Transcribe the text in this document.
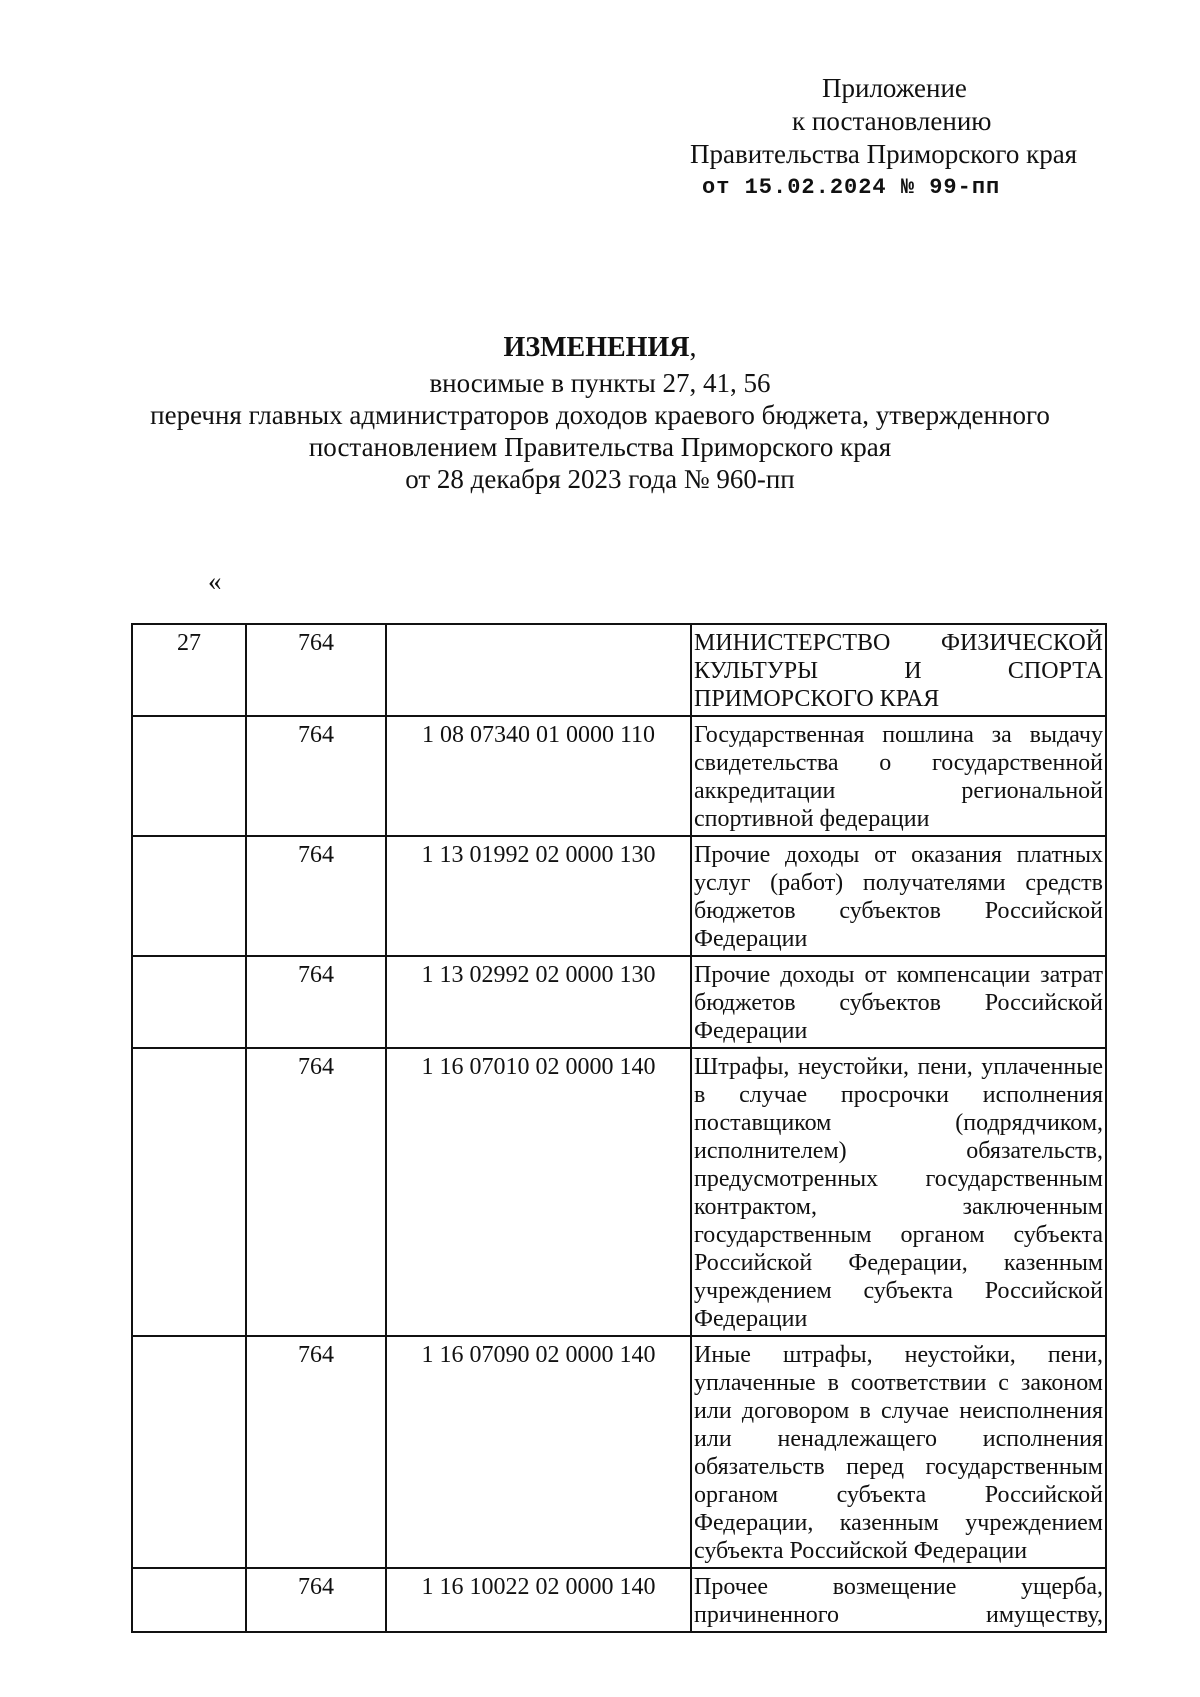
Приложение
к постановлению
Правительства Приморского края
от 15.02.2024 № 99-пп
ИЗМЕНЕНИЯ,
вносимые в пункты 27, 41, 56
перечня главных администраторов доходов краевого бюджета, утвержденного
постановлением Правительства Приморского края
от 28 декабря 2023 года № 960-пп
«
27	764		МИНИСТЕРСТВО ФИЗИЧЕСКОЙ КУЛЬТУРЫ И СПОРТА ПРИМОРСКОГО КРАЯ
	764	1 08 07340 01 0000 110	Государственная пошлина за выдачу свидетельства о государственной аккредитации региональной спортивной федерации
	764	1 13 01992 02 0000 130	Прочие доходы от оказания платных услуг (работ) получателями средств бюджетов субъектов Российской Федерации
	764	1 13 02992 02 0000 130	Прочие доходы от компенсации затрат бюджетов субъектов Российской Федерации
	764	1 16 07010 02 0000 140	Штрафы, неустойки, пени, уплаченные в случае просрочки исполнения поставщиком (подрядчиком, исполнителем) обязательств, предусмотренных государственным контрактом, заключенным государственным органом субъекта Российской Федерации, казенным учреждением субъекта Российской Федерации
	764	1 16 07090 02 0000 140	Иные штрафы, неустойки, пени, уплаченные в соответствии с законом или договором в случае неисполнения или ненадлежащего исполнения обязательств перед государственным органом субъекта Российской Федерации, казенным учреждением субъекта Российской Федерации
	764	1 16 10022 02 0000 140	Прочее возмещение ущерба, причиненного имуществу,
